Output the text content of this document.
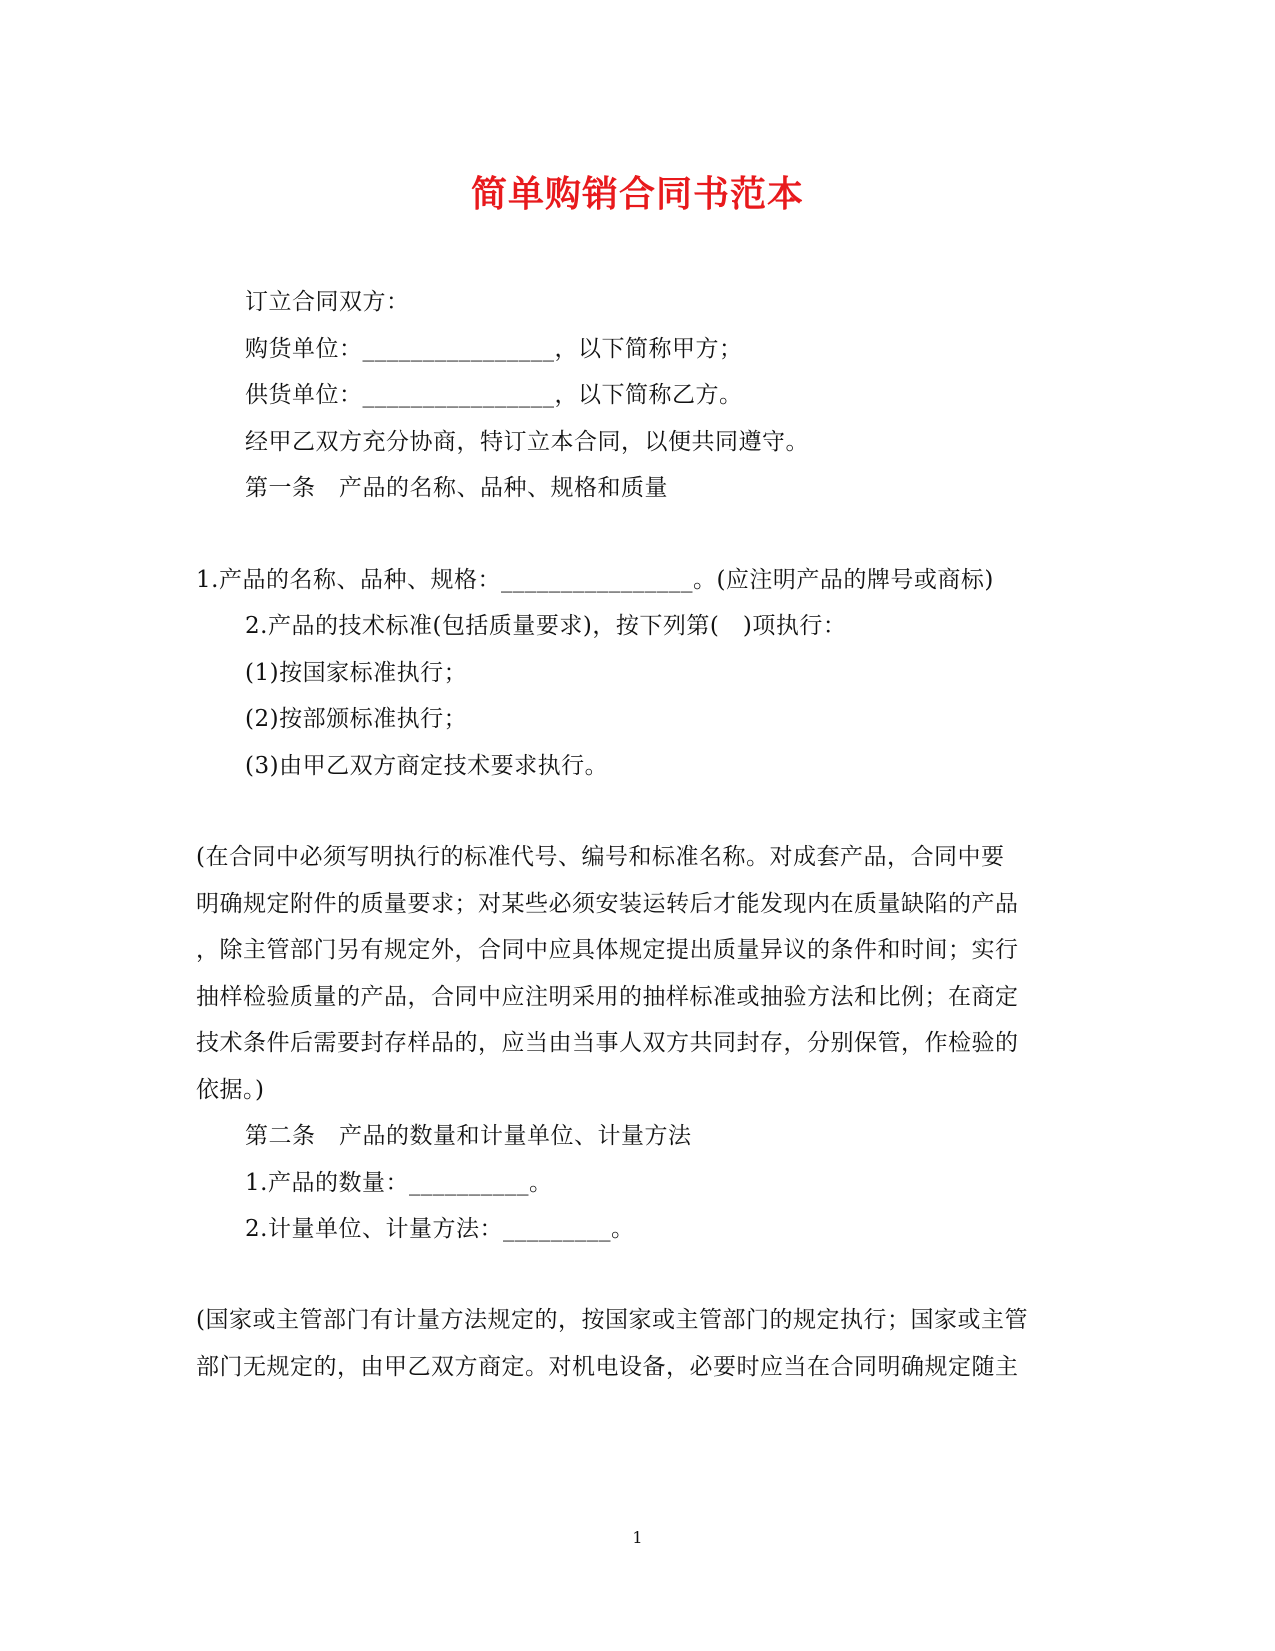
简单购销合同书范本
订立合同双方：
购货单位：________________，以下简称甲方；
供货单位：________________，以下简称乙方。
经甲乙双方充分协商，特订立本合同，以便共同遵守。
第一条　产品的名称、品种、规格和质量
1.产品的名称、品种、规格：________________。(应注明产品的牌号或商标)
2.产品的技术标准(包括质量要求)，按下列第(　)项执行：
(1)按国家标准执行；
(2)按部颁标准执行；
(3)由甲乙双方商定技术要求执行。
(在合同中必须写明执行的标准代号、编号和标准名称。对成套产品，合同中要
明确规定附件的质量要求；对某些必须安装运转后才能发现内在质量缺陷的产品
，除主管部门另有规定外，合同中应具体规定提出质量异议的条件和时间；实行
抽样检验质量的产品，合同中应注明采用的抽样标准或抽验方法和比例；在商定
技术条件后需要封存样品的，应当由当事人双方共同封存，分别保管，作检验的
依据。)
第二条　产品的数量和计量单位、计量方法
1.产品的数量：__________。
2.计量单位、计量方法：_________。
(国家或主管部门有计量方法规定的，按国家或主管部门的规定执行；国家或主管
部门无规定的，由甲乙双方商定。对机电设备，必要时应当在合同明确规定随主
1
